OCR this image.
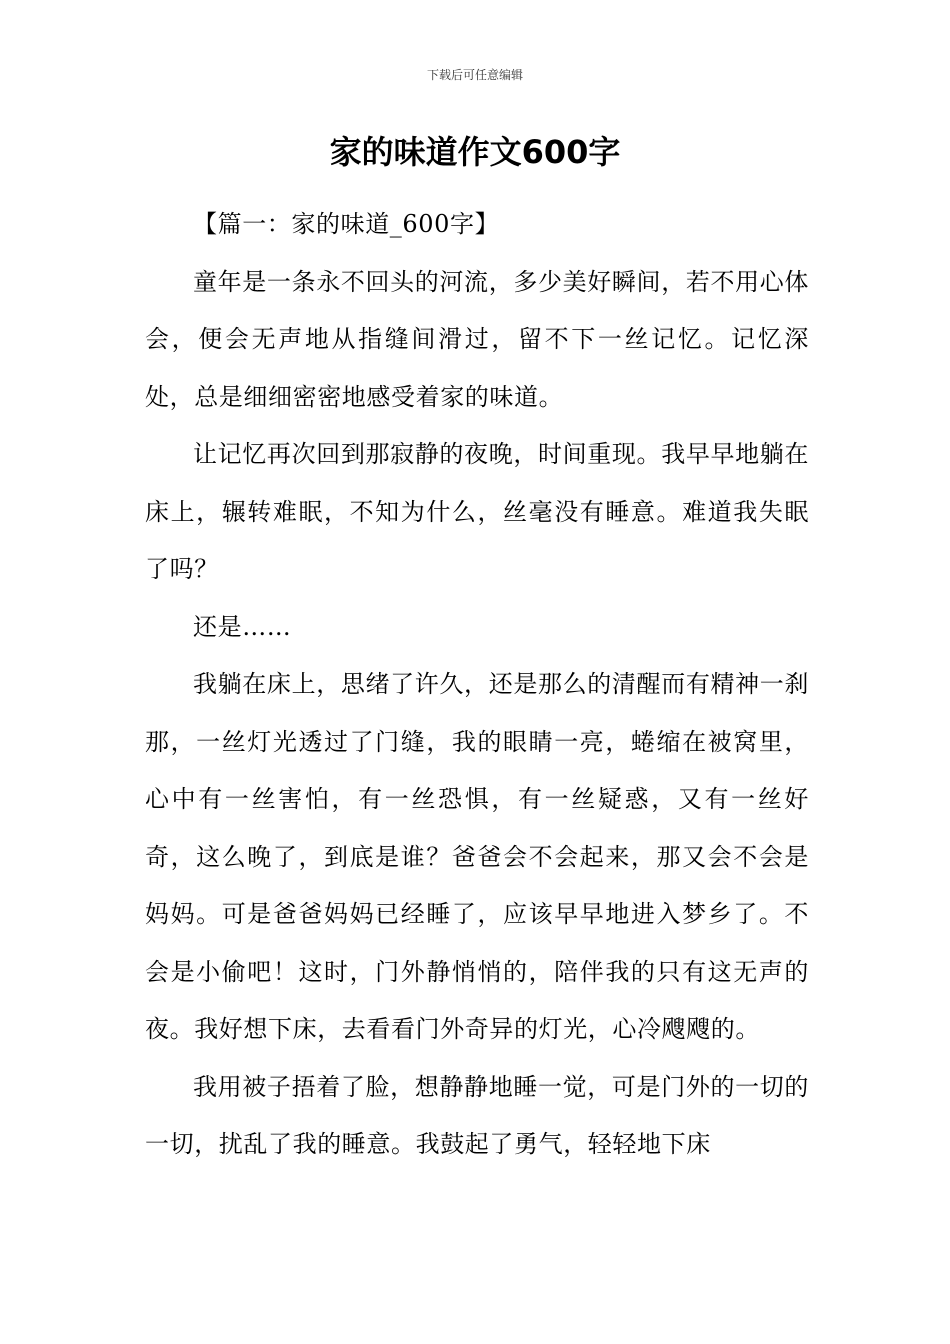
下载后可任意编辑
家的味道作文600字

【篇一：家的味道_600字】

童年是一条永不回头的河流，多少美好瞬间，若不用心体会，便会无声地从指缝间滑过，留不下一丝记忆。记忆深处，总是细细密密地感受着家的味道。

让记忆再次回到那寂静的夜晚，时间重现。我早早地躺在床上，辗转难眠，不知为什么，丝毫没有睡意。难道我失眠了吗？

还是……

我躺在床上，思绪了许久，还是那么的清醒而有精神一刹那，一丝灯光透过了门缝，我的眼睛一亮，蜷缩在被窝里，心中有一丝害怕，有一丝恐惧，有一丝疑惑，又有一丝好奇，这么晚了，到底是谁？爸爸会不会起来，那又会不会是妈妈。可是爸爸妈妈已经睡了，应该早早地进入梦乡了。不会是小偷吧！这时，门外静悄悄的，陪伴我的只有这无声的夜。我好想下床，去看看门外奇异的灯光，心冷飕飕的。

我用被子捂着了脸，想静静地睡一觉，可是门外的一切的一切，扰乱了我的睡意。我鼓起了勇气，轻轻地下床
